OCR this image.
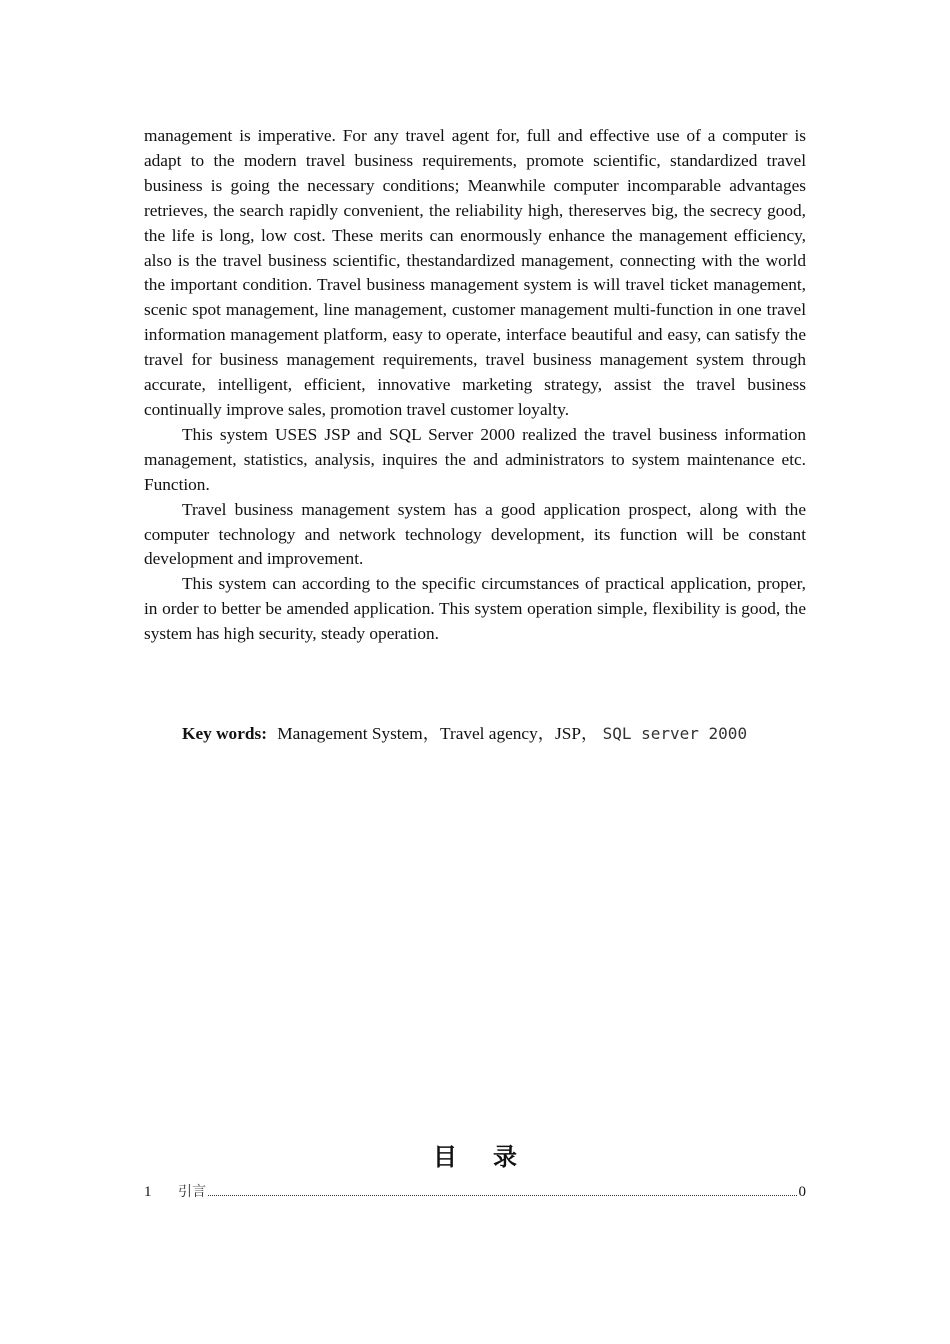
management is imperative. For any travel agent for, full and effective use of a computer is adapt to the modern travel business requirements, promote scientific, standardized travel business is going the necessary conditions; Meanwhile computer incomparable advantages retrieves, the search rapidly convenient, the reliability high, thereserves big, the secrecy good, the life is long, low cost. These merits can enormously enhance the management efficiency, also is the travel business scientific, thestandardized management, connecting with the world the important condition. Travel business management system is will travel ticket management, scenic spot management, line management, customer management multi-function in one travel information management platform, easy to operate, interface beautiful and easy, can satisfy the travel for business management requirements, travel business management system through accurate, intelligent, efficient, innovative marketing strategy, assist the travel business continually improve sales, promotion travel customer loyalty.

This system USES JSP and SQL Server 2000 realized the travel business information management, statistics, analysis, inquires the and administrators to system maintenance etc. Function.

Travel business management system has a good application prospect, along with the computer technology and network technology development, its function will be constant development and improvement.

This system can according to the specific circumstances of practical application, proper, in order to better be amended application. This system operation simple, flexibility is good, the system has high security, steady operation.

Key words: Management System，Travel agency，JSP， SQL server 2000
目录
1	引言	0
